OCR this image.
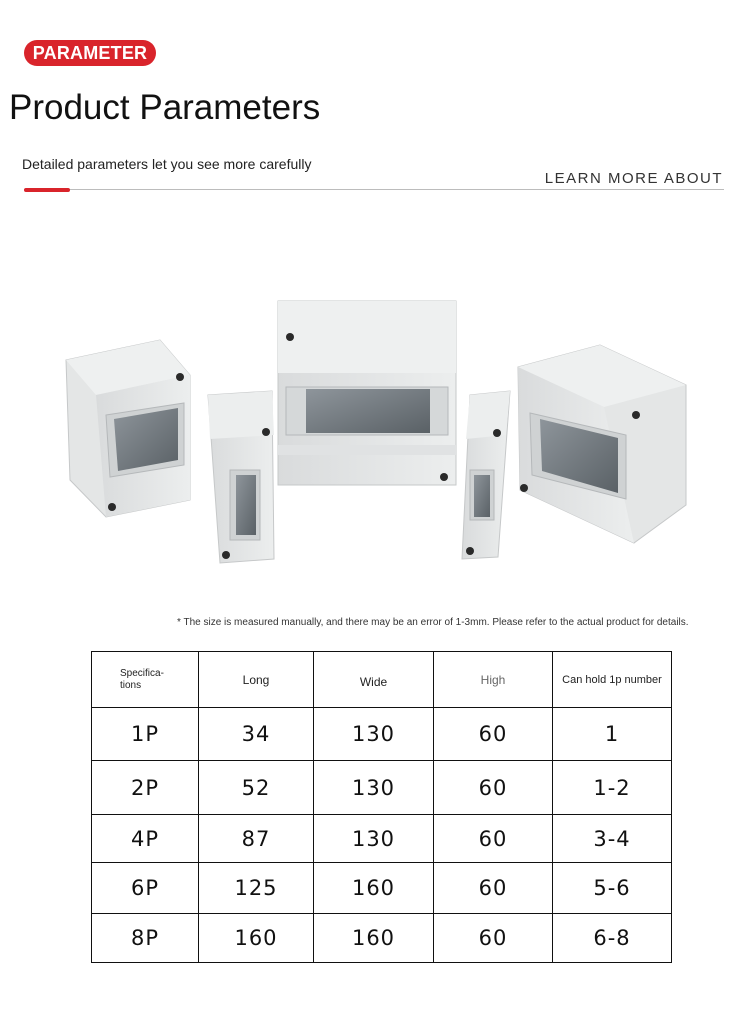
PARAMETER
Product Parameters
Detailed parameters let you see more carefully
LEARN MORE ABOUT
* The size is measured manually, and there may be an error of 1-3mm. Please refer to the actual product for details.
Specifica-
tions	Long	Wide	High	Can hold 1p number
1P	34	130	60	1
2P	52	130	60	1-2
4P	87	130	60	3-4
6P	125	160	60	5-6
8P	160	160	60	6-8
